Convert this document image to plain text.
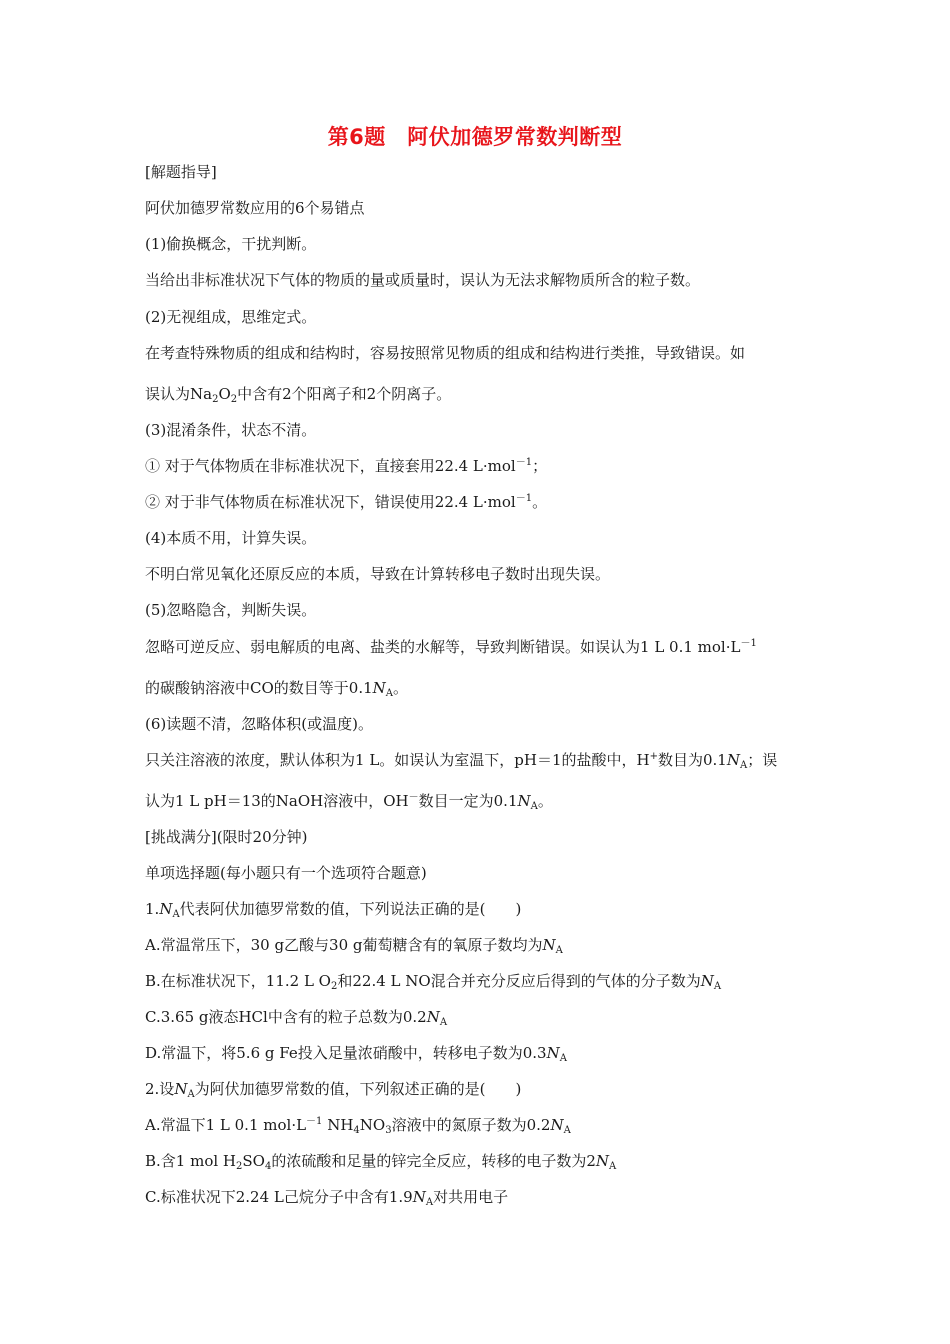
第6题　阿伏加德罗常数判断型
[解题指导]
阿伏加德罗常数应用的6个易错点
(1)偷换概念，干扰判断。
当给出非标准状况下气体的物质的量或质量时，误认为无法求解物质所含的粒子数。
(2)无视组成，思维定式。
在考查特殊物质的组成和结构时，容易按照常见物质的组成和结构进行类推，导致错误。如
误认为$Na_2O_2$中含有2个阳离子和2个阴离子。
(3)混淆条件，状态不清。
① 对于气体物质在非标准状况下，直接套用22.4 L·mol$^{-1}$；
② 对于非气体物质在标准状况下，错误使用22.4 L·mol$^{-1}$。
(4)本质不用，计算失误。
不明白常见氧化还原反应的本质，导致在计算转移电子数时出现失误。
(5)忽略隐含，判断失误。
忽略可逆反应、弱电解质的电离、盐类的水解等，导致判断错误。如误认为1 L 0.1 $mol\cdot L^{-1}$
的碳酸钠溶液中CO的数目等于$0.1N_A$。
(6)读题不清，忽略体积(或温度)。
只关注溶液的浓度，默认体积为1 L。如误认为室温下，pH＝1的盐酸中，H+数目为$0.1N_A$；误
认为1 L pH＝13的NaOH溶液中，OH－数目一定为$0.1N_A$。
[挑战满分](限时20分钟)
单项选择题(每小题只有一个选项符合题意)
$1.N_A$代表阿伏加德罗常数的值，下列说法正确的是(　　)
A.常温常压下，30 g乙酸与30 g葡萄糖含有的氧原子数均为$N_A$
B.在标准状况下，11.2 L $O_2$和22.4 L NO混合并充分反应后得到的气体的分子数为$N_A$
C.3.65 g液态HCl中含有的粒子总数为$0.2N_A$
D.常温下，将5.6 g Fe投入足量浓硝酸中，转移电子数为$0.3N_A$
2.设$N_A$为阿伏加德罗常数的值，下列叙述正确的是(　　)
A.常温下1 L 0.1 $mol\cdot L^{-1}$ $NH_4NO_3$溶液中的氮原子数为$0.2N_A$
B.含1 mol $H_2SO_4$的浓硫酸和足量的锌完全反应，转移的电子数为$2N_A$
C.标准状况下2.24 L己烷分子中含有$1.9N_A$对共用电子
